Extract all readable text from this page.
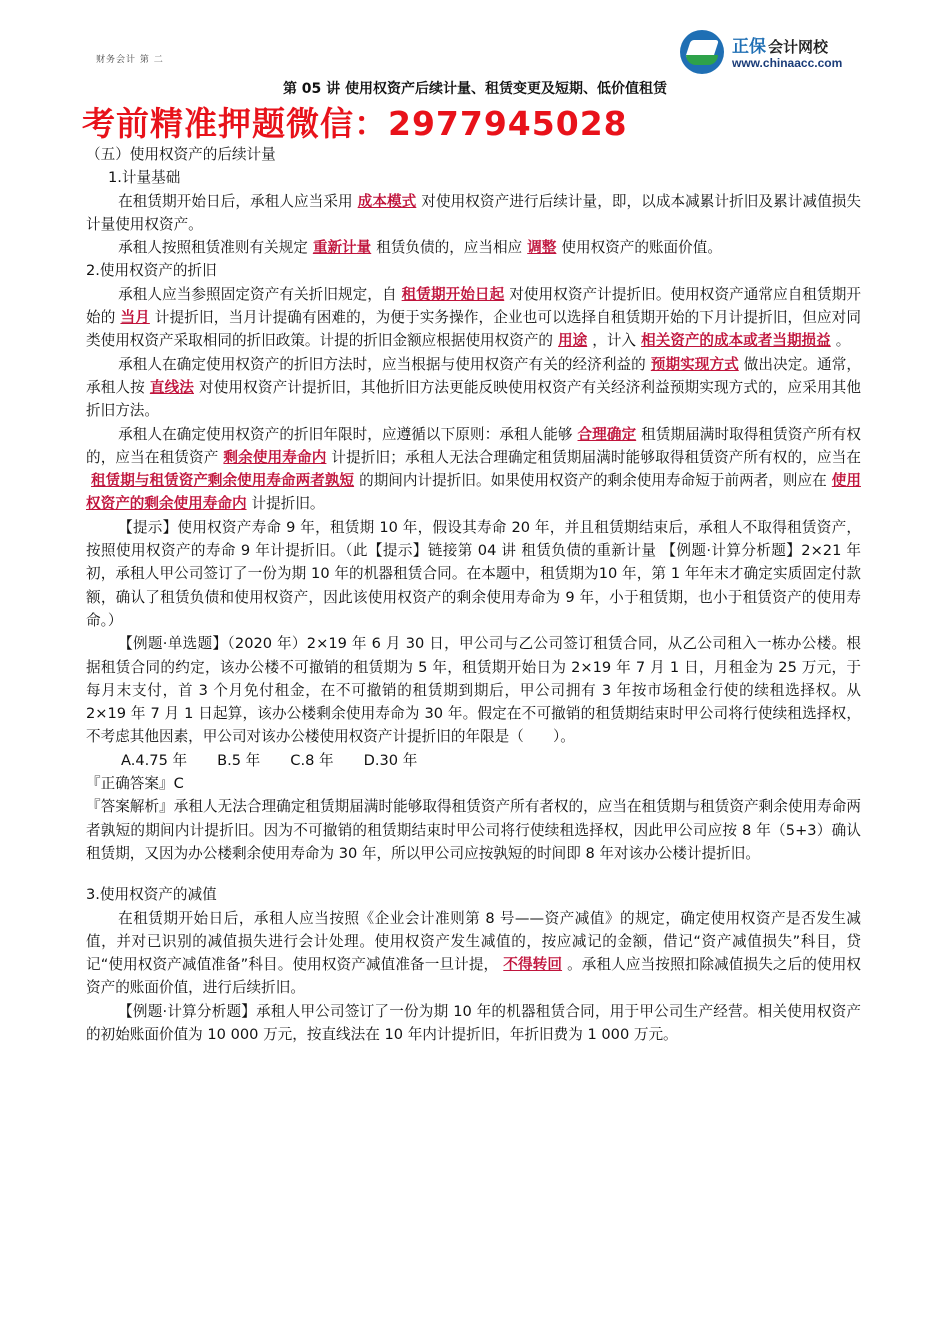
财务会计 第 二
正保 会计网校
www.chinaacc.com
第 05 讲 使用权资产后续计量、租赁变更及短期、低价值租赁
考前精准押题微信：2977945028

（五）使用权资产的后续计量

1.计量基础

在租赁期开始日后，承租人应当采用 成本模式 对使用权资产进行后续计量，即，以成本减累计折旧及累计减值损失计量使用权资产。

承租人按照租赁准则有关规定 重新计量 租赁负债的，应当相应 调整 使用权资产的账面价值。

2.使用权资产的折旧

承租人应当参照固定资产有关折旧规定，自 租赁期开始日起 对使用权资产计提折旧。使用权资产通常应自租赁期开始的 当月 计提折旧，当月计提确有困难的，为便于实务操作，企业也可以选择自租赁期开始的下月计提折旧，但应对同类使用权资产采取相同的折旧政策。计提的折旧金额应根据使用权资产的 用途 ，计入 相关资产的成本或者当期损益 。

承租人在确定使用权资产的折旧方法时，应当根据与使用权资产有关的经济利益的 预期实现方式 做出决定。通常，承租人按 直线法 对使用权资产计提折旧，其他折旧方法更能反映使用权资产有关经济利益预期实现方式的，应采用其他折旧方法。

承租人在确定使用权资产的折旧年限时，应遵循以下原则：承租人能够 合理确定 租赁期届满时取得租赁资产所有权的，应当在租赁资产 剩余使用寿命内 计提折旧；承租人无法合理确定租赁期届满时能够取得租赁资产所有权的，应当在租赁期与租赁资产剩余使用寿命两者孰短 的期间内计提折旧。如果使用权资产的剩余使用寿命短于前两者，则应在 使用权资产的剩余使用寿命内 计提折旧。

【提示】使用权资产寿命 9 年，租赁期 10 年，假设其寿命 20 年，并且租赁期结束后，承租人不取得租赁资产，按照使用权资产的寿命 9 年计提折旧。（此【提示】链接第 04 讲 租赁负债的重新计量 【例题·计算分析题】2×21 年初，承租人甲公司签订了一份为期 10 年的机器租赁合同。在本题中，租赁期为10 年，第 1 年年末才确定实质固定付款额，确认了租赁负债和使用权资产，因此该使用权资产的剩余使用寿命为 9 年，小于租赁期，也小于租赁资产的使用寿命。）

【例题·单选题】（2020 年）2×19 年 6 月 30 日，甲公司与乙公司签订租赁合同，从乙公司租入一栋办公楼。根据租赁合同的约定，该办公楼不可撤销的租赁期为 5 年，租赁期开始日为 2×19 年 7 月 1 日，月租金为 25 万元，于每月末支付，首 3 个月免付租金，在不可撤销的租赁期到期后，甲公司拥有 3 年按市场租金行使的续租选择权。从 2×19 年 7 月 1 日起算，该办公楼剩余使用寿命为 30 年。假定在不可撤销的租赁期结束时甲公司将行使续租选择权，不考虑其他因素，甲公司对该办公楼使用权资产计提折旧的年限是（　　）。

A.4.75 年 B.5 年 C.8 年 D.30 年

『正确答案』C

『答案解析』承租人无法合理确定租赁期届满时能够取得租赁资产所有者权的，应当在租赁期与租赁资产剩余使用寿命两者孰短的期间内计提折旧。因为不可撤销的租赁期结束时甲公司将行使续租选择权，因此甲公司应按 8 年（5+3）确认租赁期，又因为办公楼剩余使用寿命为 30 年，所以甲公司应按孰短的时间即 8 年对该办公楼计提折旧。

3.使用权资产的减值

在租赁期开始日后，承租人应当按照《企业会计准则第 8 号——资产减值》的规定，确定使用权资产是否发生减值，并对已识别的减值损失进行会计处理。使用权资产发生减值的，按应减记的金额，借记“资产减值损失”科目，贷记“使用权资产减值准备”科目。使用权资产减值准备一旦计提， 不得转回 。承租人应当按照扣除减值损失之后的使用权资产的账面价值，进行后续折旧。

【例题·计算分析题】承租人甲公司签订了一份为期 10 年的机器租赁合同，用于甲公司生产经营。相关使用权资产的初始账面价值为 10 000 万元，按直线法在 10 年内计提折旧，年折旧费为 1 000 万元。
